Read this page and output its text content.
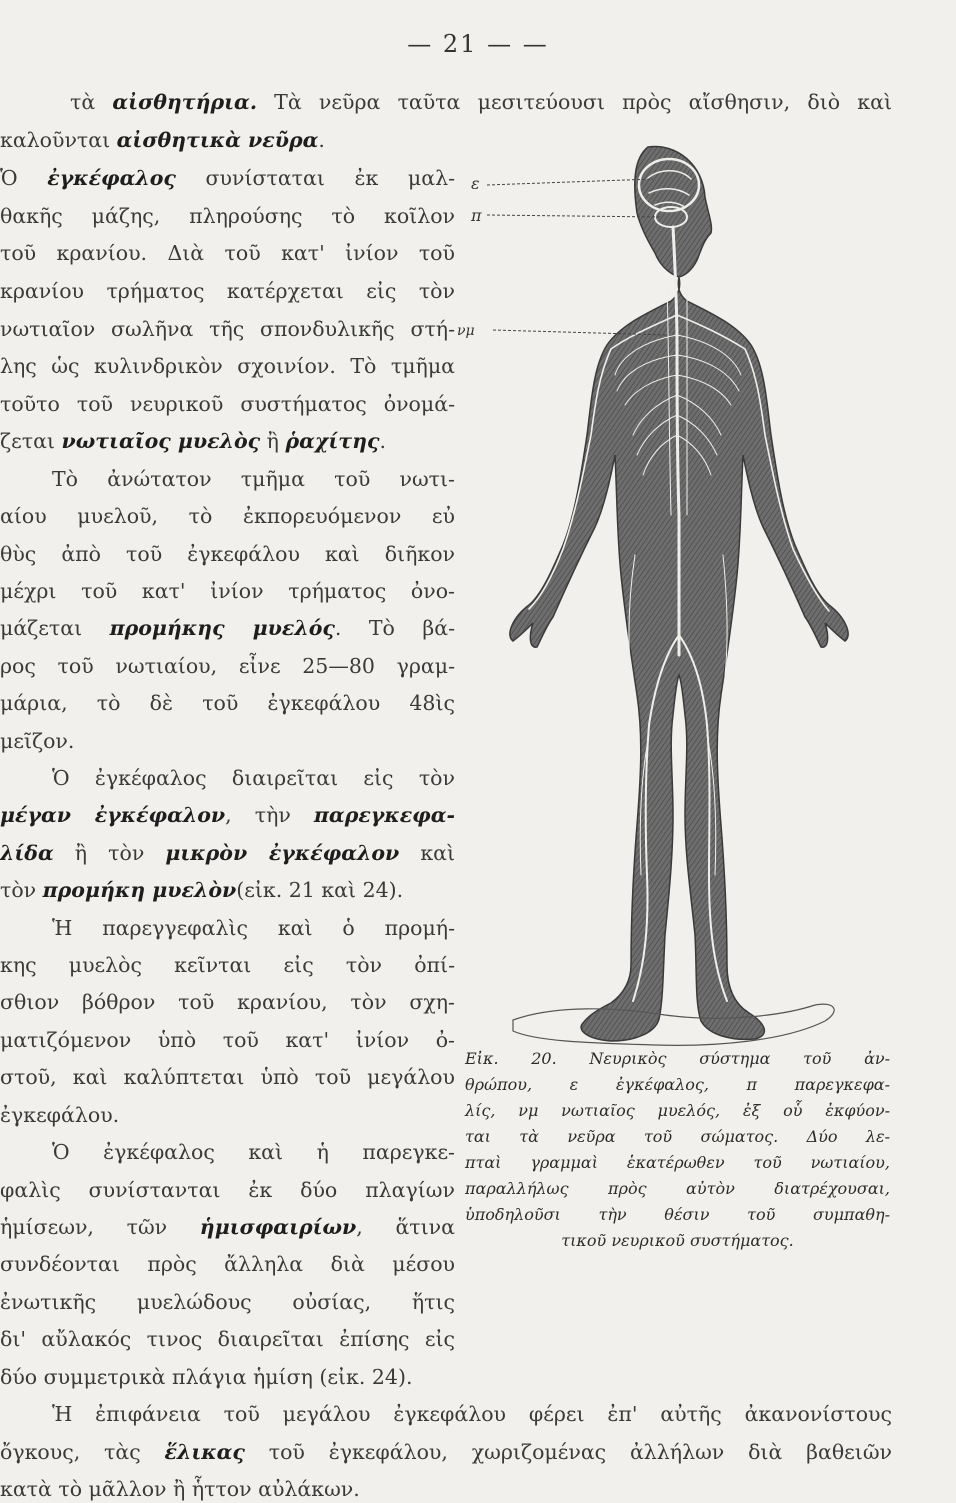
— 21 — —
τὰ αἰσθητήρια. Τὰ νεῦρα ταῦτα μεσιτεύουσι πρὸς αἴσθησιν, διὸ καὶ
καλοῦνται αἰσθητικὰ νεῦρα.
Ὁ ἐγκέφαλος συνίσταται ἐκ μαλ-
θακῆς μάζης, πληρούσης τὸ κοῖλον
τοῦ κρανίου. Διὰ τοῦ κατ' ἰνίον τοῦ
κρανίου τρήματος κατέρχεται εἰς τὸν
νωτιαῖον σωλῆνα τῆς σπονδυλικῆς στή-
λης ὡς κυλινδρικὸν σχοινίον. Τὸ τμῆμα
τοῦτο τοῦ νευρικοῦ συστήματος ὀνομά-
ζεται νωτιαῖος μυελὸς ἢ ῥαχίτης.
Τὸ ἀνώτατον τμῆμα τοῦ νωτι-
αίου μυελοῦ, τὸ ἐκπορευόμενον εὐ
θὺς ἀπὸ τοῦ ἐγκεφάλου καὶ διῆκον
μέχρι τοῦ κατ' ἰνίον τρήματος ὀνο-
μάζεται προμήκης μυελός. Τὸ βά-
ρος τοῦ νωτιαίου, εἶνε 25—80 γραμ-
μάρια, τὸ δὲ τοῦ ἐγκεφάλου 48ὶς
μεῖζον.
Ὁ ἐγκέφαλος διαιρεῖται εἰς τὸν
μέγαν ἐγκέφαλον, τὴν παρεγκεφα-
λίδα ἢ τὸν μικρὸν ἐγκέφαλον καὶ
τὸν προμήκη μυελὸν(εἰκ. 21 καὶ 24).
Ἡ παρεγγεφαλὶς καὶ ὁ προμή-
κης μυελὸς κεῖνται εἰς τὸν ὀπί-
σθιον βόθρον τοῦ κρανίου, τὸν σχη-
ματιζόμενον ὑπὸ τοῦ κατ' ἰνίον ὀ-
στοῦ, καὶ καλύπτεται ὑπὸ τοῦ μεγάλου
ἐγκεφάλου.
Ὁ ἐγκέφαλος καὶ ἡ παρεγκε-
φαλὶς συνίστανται ἐκ δύο πλαγίων
ἡμίσεων, τῶν ἡμισφαιρίων, ἅτινα
συνδέονται πρὸς ἄλληλα διὰ μέσου
ἐνωτικῆς μυελώδους οὐσίας, ἥτις
δι' αὔλακός τινος διαιρεῖται ἐπίσης εἰς
δύο συμμετρικὰ πλάγια ἡμίση (εἰκ. 24).
Ἡ ἐπιφάνεια τοῦ μεγάλου ἐγκεφάλου φέρει ἐπ' αὐτῆς ἀκανονίστους
ὄγκους, τὰς ἕλικας τοῦ ἐγκεφάλου, χωριζομένας ἀλλήλων διὰ βαθειῶν
κατὰ τὸ μᾶλλον ἢ ἧττον αὐλάκων.
ε
π
νμ
Εἰκ. 20. Νευρικὸς σύστημα τοῦ ἀν-
θρώπου, ε ἐγκέφαλος, π παρεγκεφα-
λίς, νμ νωτιαῖος μυελός, ἐξ οὗ ἐκφύον-
ται τὰ νεῦρα τοῦ σώματος. Δύο λε-
πταὶ γραμμαὶ ἑκατέρωθεν τοῦ νωτιαίου,
παραλλήλως πρὸς αὐτὸν διατρέχουσαι,
ὑποδηλοῦσι τὴν θέσιν τοῦ συμπαθη-
τικοῦ νευρικοῦ συστήματος.
